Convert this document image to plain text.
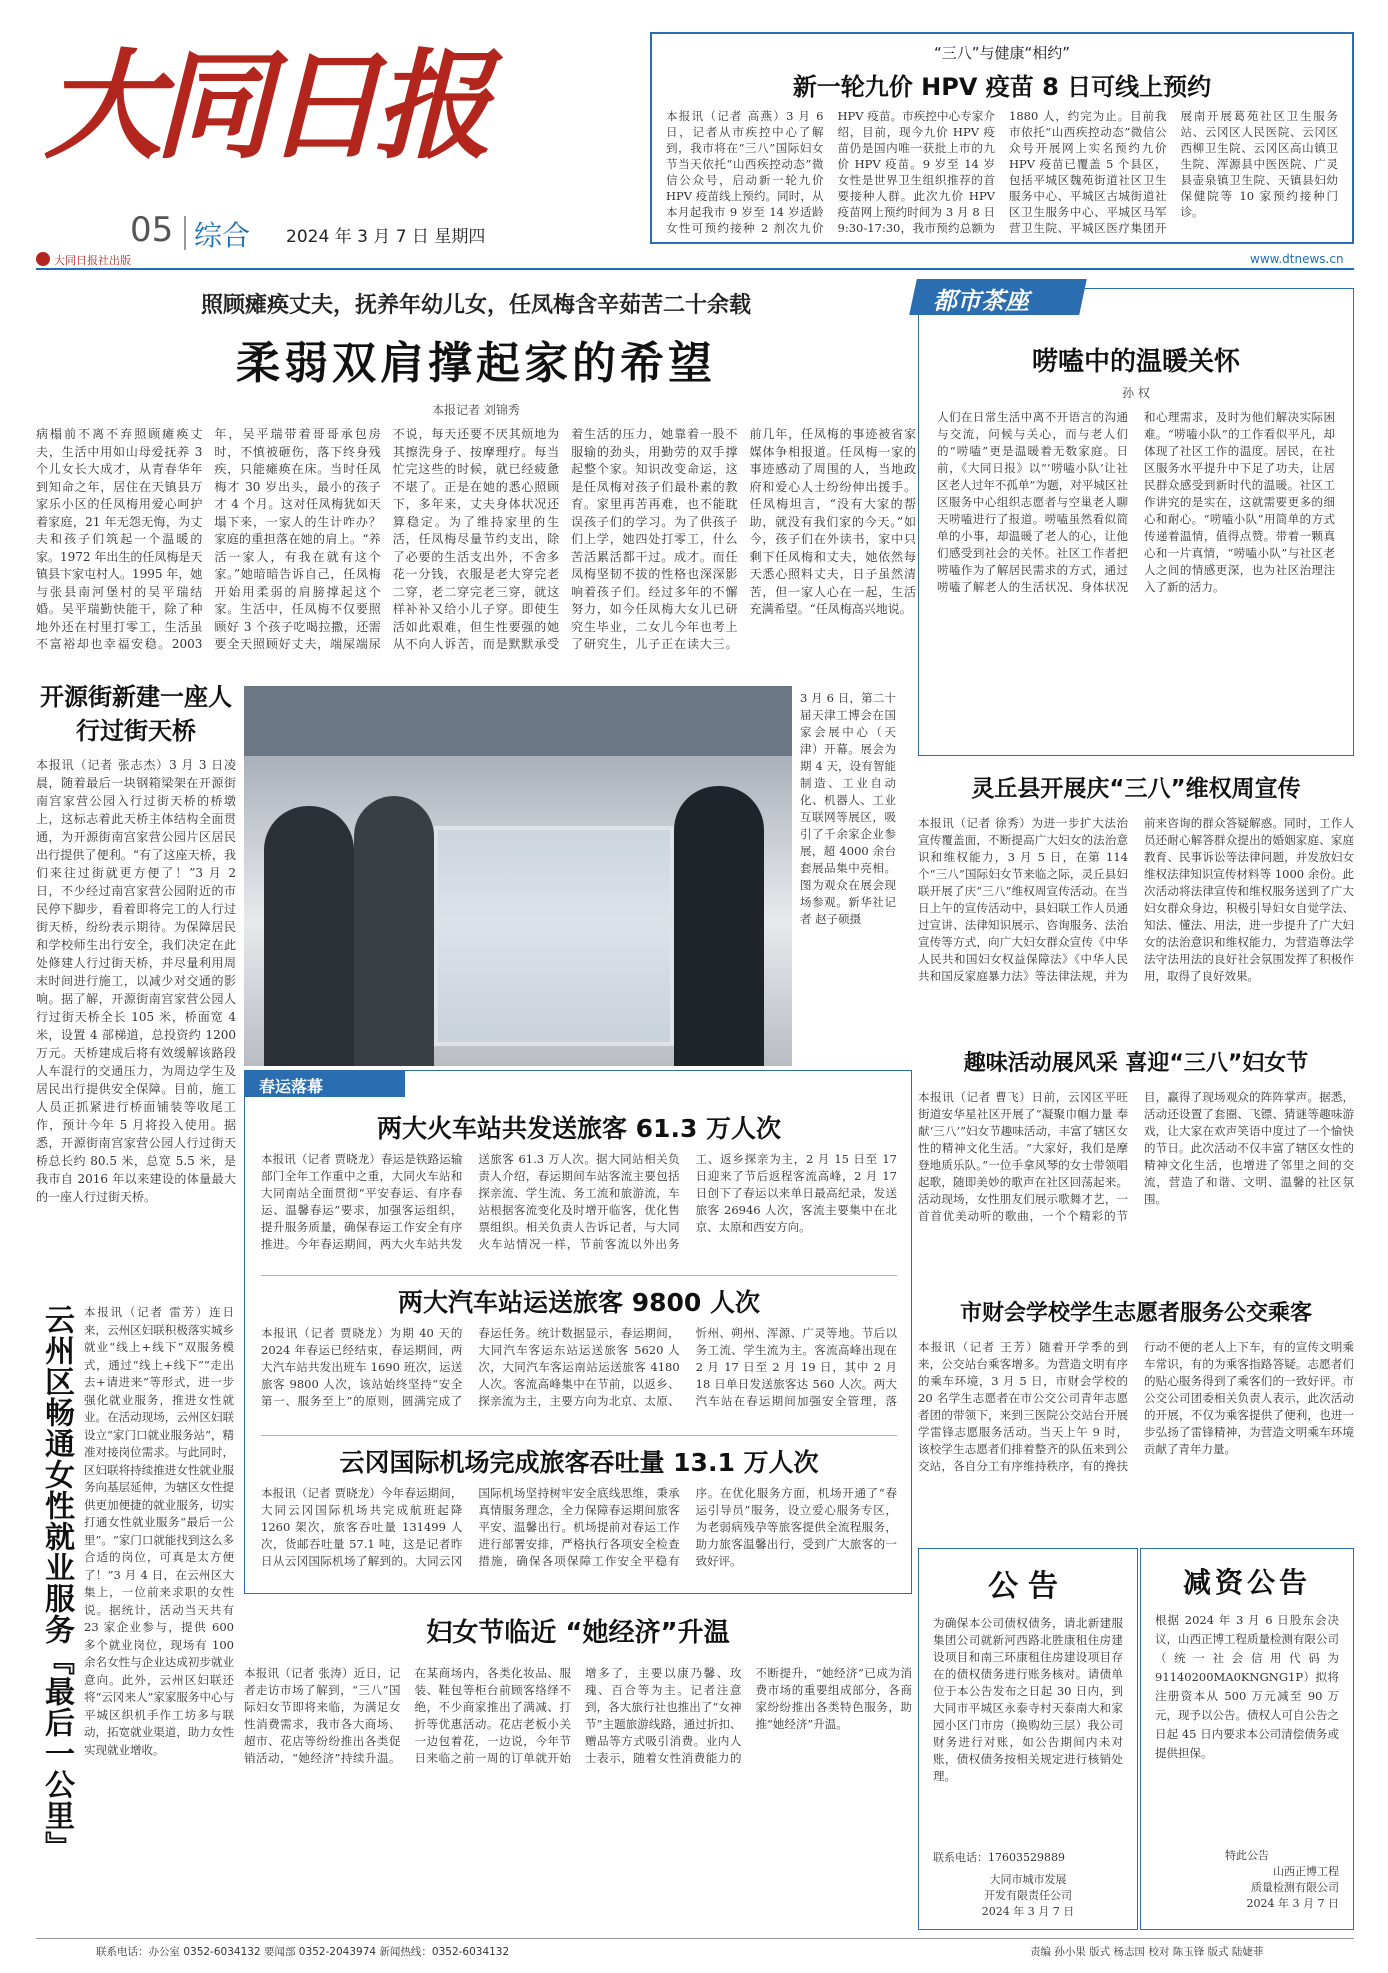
大同日报
05 综合 2024 年 3 月 7 日 星期四
大同日报社出版
“三八”与健康“相约”
新一轮九价 HPV 疫苗 8 日可线上预约
本报讯（记者 高燕）3 月 6 日，记者从市疾控中心了解到，我市将在“三八”国际妇女节当天依托“山西疾控动态”微信公众号，启动新一轮九价 HPV 疫苗线上预约。同时，从本月起我市 9 岁至 14 岁适龄女性可预约接种 2 剂次九价 HPV 疫苗。市疾控中心专家介绍，目前，现今九价 HPV 疫苗仍是国内唯一获批上市的九价 HPV 疫苗。9 岁至 14 岁女性是世界卫生组织推荐的首要接种人群。此次九价 HPV 疫苗网上预约时间为 3 月 8 日 9:30-17:30，我市预约总额为 1880 人，约完为止。目前我市依托“山西疾控动态”微信公众号开展网上实名预约九价 HPV 疫苗已覆盖 5 个县区，包括平城区魏苑街道社区卫生服务中心、平城区古城街道社区卫生服务中心、平城区马军营卫生院、平城区医疗集团开展南开展葛苑社区卫生服务站、云冈区人民医院、云冈区西柳卫生院、云冈区高山镇卫生院、浑源县中医医院、广灵县壶泉镇卫生院、天镇县妇幼保健院等 10 家预约接种门诊。
www.dtnews.cn
照顾瘫痪丈夫，抚养年幼儿女，任凤梅含辛茹苦二十余载
柔弱双肩撑起家的希望
本报记者 刘锦秀
病榻前不离不弃照顾瘫痪丈夫，生活中用如山母爱抚养 3 个儿女长大成才，从青春华年到知命之年，居住在天镇县万家乐小区的任凤梅用爱心呵护着家庭，21 年无怨无悔，为丈夫和孩子们筑起一个温暖的家。1972 年出生的任凤梅是天镇县卞家屯村人。1995 年，她与张县南河堡村的吴平瑞结婚。吴平瑞勤快能干，除了种地外还在村里打零工，生活虽不富裕却也幸福安稳。2003 年，吴平瑞带着哥哥承包房时，不慎被砸伤，落下终身残疾，只能瘫痪在床。当时任凤梅才 30 岁出头，最小的孩子才 4 个月。这对任凤梅犹如天塌下来，一家人的生计咋办？家庭的重担落在她的肩上。“养活一家人，有我在就有这个家。”她暗暗告诉自己，任凤梅开始用柔弱的肩膀撑起这个家。生活中，任凤梅不仅要照顾好 3 个孩子吃喝拉撒，还需要全天照顾好丈夫，端屎端尿不说，每天还要不厌其烦地为其擦洗身子、按摩理疗。每当忙完这些的时候，就已经疲惫不堪了。正是在她的悉心照顾下，多年来，丈夫身体状况还算稳定。为了维持家里的生活，任凤梅尽量节约支出，除了必要的生活支出外，不舍多花一分钱，衣服是老大穿完老二穿，老二穿完老三穿，就这样补补又给小儿子穿。即使生活如此艰难，但生性要强的她从不向人诉苦，而是默默承受着生活的压力，她靠着一股不服输的劲头，用勤劳的双手撑起整个家。知识改变命运，这是任凤梅对孩子们最朴素的教育。家里再苦再难，也不能耽误孩子们的学习。为了供孩子们上学，她四处打零工，什么苦活累活都干过。成才。而任凤梅坚韧不拔的性格也深深影响着孩子们。经过多年的不懈努力，如今任凤梅大女儿已研究生毕业，二女儿今年也考上了研究生，儿子正在读大三。前几年，任凤梅的事迹被省家媒体争相报道。任凤梅一家的事迹感动了周围的人，当地政府和爱心人士纷纷伸出援手。任凤梅坦言，“没有大家的帮助，就没有我们家的今天。”如今，孩子们在外读书，家中只剩下任凤梅和丈夫，她依然每天悉心照料丈夫，日子虽然清苦，但一家人心在一起，生活充满希望。“任凤梅高兴地说。
都市茶座
唠嗑中的温暖关怀
孙 权
人们在日常生活中离不开语言的沟通与交流，问候与关心，而与老人们的“唠嗑”更是温暖着无数家庭。日前，《大同日报》以“‘唠嗑小队’让社区老人过年不孤单”为题，对平城区社区服务中心组织志愿者与空巢老人聊天唠嗑进行了报道。唠嗑虽然看似简单的小事，却温暖了老人的心，让他们感受到社会的关怀。社区工作者把唠嗑作为了解居民需求的方式，通过唠嗑了解老人的生活状况、身体状况和心理需求，及时为他们解决实际困难。“唠嗑小队”的工作看似平凡，却体现了社区工作的温度。居民，在社区服务水平提升中下足了功夫，让居民群众感受到新时代的温暖。社区工作讲究的是实在，这就需要更多的细心和耐心。“唠嗑小队”用简单的方式传递着温情，值得点赞。带着一颗真心和一片真情，“唠嗑小队”与社区老人之间的情感更深，也为社区治理注入了新的活力。
开源街新建一座人行过街天桥
本报讯（记者 张志杰）3 月 3 日凌晨，随着最后一块钢箱梁架在开源街南宫家营公园入行过街天桥的桥墩上，这标志着此天桥主体结构全面贯通，为开源街南宫家营公园片区居民出行提供了便利。“有了这座天桥，我们来往过街就更方便了！”3 月 2 日，不少经过南宫家营公园附近的市民停下脚步，看着即将完工的人行过街天桥，纷纷表示期待。为保障居民和学校师生出行安全，我们决定在此处修建人行过街天桥，并尽量利用周末时间进行施工，以减少对交通的影响。据了解，开源街南宫家营公园人行过街天桥全长 105 米，桥面宽 4 米，设置 4 部梯道，总投资约 1200 万元。天桥建成后将有效缓解该路段人车混行的交通压力，为周边学生及居民出行提供安全保障。目前，施工人员正抓紧进行桥面铺装等收尾工作，预计今年 5 月将投入使用。据悉，开源街南宫家营公园人行过街天桥总长约 80.5 米，总宽 5.5 米，是我市自 2016 年以来建设的体量最大的一座人行过街天桥。
3 月 6 日，第二十届天津工博会在国家会展中心（天津）开幕。展会为期 4 天，设有智能制造、工业自动化、机器人、工业互联网等展区，吸引了千余家企业参展，超 4000 余台套展品集中亮相。图为观众在展会现场参观。新华社记者 赵子硕摄
灵丘县开展庆“三八”维权周宣传
本报讯（记者 徐秀）为进一步扩大法治宣传覆盖面，不断提高广大妇女的法治意识和维权能力，3 月 5 日，在第 114 个“三八”国际妇女节来临之际，灵丘县妇联开展了庆“三八”维权周宣传活动。在当日上午的宣传活动中，县妇联工作人员通过宣讲、法律知识展示、咨询服务、法治宣传等方式，向广大妇女群众宣传《中华人民共和国妇女权益保障法》《中华人民共和国反家庭暴力法》等法律法规，并为前来咨询的群众答疑解惑。同时，工作人员还耐心解答群众提出的婚姻家庭、家庭教育、民事诉讼等法律问题，并发放妇女维权法律知识宣传材料等 1000 余份。此次活动将法律宣传和维权服务送到了广大妇女群众身边，积极引导妇女自觉学法、知法、懂法、用法，进一步提升了广大妇女的法治意识和维权能力，为营造尊法学法守法用法的良好社会氛围发挥了积极作用，取得了良好效果。
趣味活动展风采 喜迎“三八”妇女节
本报讯（记者 曹飞）日前，云冈区平旺街道安华星社区开展了“凝聚巾帼力量 奉献‘三八’”妇女节趣味活动，丰富了辖区女性的精神文化生活。“大家好，我们是摩登地质乐队。”一位手拿风琴的女士带领唱起歌，随即美妙的歌声在社区回荡起来。活动现场，女性朋友们展示歌舞才艺，一首首优美动听的歌曲，一个个精彩的节目，赢得了现场观众的阵阵掌声。据悉，活动还设置了套圈、飞镖、猜谜等趣味游戏，让大家在欢声笑语中度过了一个愉快的节日。此次活动不仅丰富了辖区女性的精神文化生活，也增进了邻里之间的交流，营造了和谐、文明、温馨的社区氛围。
春运落幕
两大火车站共发送旅客 61.3 万人次
本报讯（记者 贾晓龙）春运是铁路运输部门全年工作重中之重，大同火车站和大同南站全面贯彻“平安春运、有序春运、温馨春运”要求，加强客运组织，提升服务质量，确保春运工作安全有序推进。今年春运期间，两大火车站共发送旅客 61.3 万人次。据大同站相关负责人介绍，春运期间车站客流主要包括探亲流、学生流、务工流和旅游流，车站根据客流变化及时增开临客，优化售票组织。相关负责人告诉记者，与大同火车站情况一样，节前客流以外出务工、返乡探亲为主，2 月 15 日至 17 日迎来了节后返程客流高峰，2 月 17 日创下了春运以来单日最高纪录，发送旅客 26946 人次，客流主要集中在北京、太原和西安方向。
两大汽车站运送旅客 9800 人次
本报讯（记者 贾晓龙）为期 40 天的 2024 年春运已经结束，春运期间，两大汽车站共发出班车 1690 班次，运送旅客 9800 人次，该站始终坚持“安全第一、服务至上”的原则，圆满完成了春运任务。统计数据显示，春运期间，大同汽车客运东站运送旅客 5620 人次，大同汽车客运南站运送旅客 4180 人次。客流高峰集中在节前，以返乡、探亲流为主，主要方向为北京、太原、忻州、朔州、浑源、广灵等地。节后以务工流、学生流为主。客流高峰出现在 2 月 17 日至 2 月 19 日，其中 2 月 18 日单日发送旅客达 560 人次。两大汽车站在春运期间加强安全管理，落
云冈国际机场完成旅客吞吐量 13.1 万人次
本报讯（记者 贾晓龙）今年春运期间，大同云冈国际机场共完成航班起降 1260 架次，旅客吞吐量 131499 人次，货邮吞吐量 57.1 吨，这是记者昨日从云冈国际机场了解到的。大同云冈国际机场坚持树牢安全底线思维，秉承真情服务理念，全力保障春运期间旅客平安、温馨出行。机场提前对春运工作进行部署安排，严格执行各项安全检查措施，确保各项保障工作安全平稳有序。在优化服务方面，机场开通了“春运引导员”服务，设立爱心服务专区，为老弱病残孕等旅客提供全流程服务，助力旅客温馨出行，受到广大旅客的一致好评。
云州区畅通女性就业服务『最后一公里』 本报讯（记者 雷芳）连日来，云州区妇联积极落实城乡就业“线上+线下”双服务模式，通过“线上+线下”“走出去+请进来”等形式，进一步强化就业服务，推进女性就业。在活动现场，云州区妇联设立“家门口就业服务站”，精准对接岗位需求。与此同时，区妇联将持续推进女性就业服务向基层延伸，为辖区女性提供更加便捷的就业服务，切实打通女性就业服务“最后一公里”。“家门口就能找到这么多合适的岗位，可真是太方便了！”3 月 4 日，在云州区大集上，一位前来求职的女性说。据统计，活动当天共有 23 家企业参与，提供 600 多个就业岗位，现场有 100 余名女性与企业达成初步就业意向。此外，云州区妇联还将“云冈来人”家家服务中心与平城区织机手作工坊多与联动，拓宽就业渠道，助力女性实现就业增收。
市财会学校学生志愿者服务公交乘客
本报讯（记者 王芳）随着开学季的到来，公交站台乘客增多。为营造文明有序的乘车环境，3 月 5 日，市财会学校的 20 名学生志愿者在市公交公司青年志愿者团的带领下，来到三医院公交站台开展学雷锋志愿服务活动。当天上午 9 时，该校学生志愿者们排着整齐的队伍来到公交站，各自分工有序维持秩序，有的搀扶行动不便的老人上下车，有的宣传文明乘车常识，有的为乘客指路答疑。志愿者们的贴心服务得到了乘客们的一致好评。市公交公司团委相关负责人表示，此次活动的开展，不仅为乘客提供了便利，也进一步弘扬了雷锋精神，为营造文明乘车环境贡献了青年力量。
妇女节临近 “她经济”升温
本报讯（记者 张涛）近日，记者走访市场了解到，“三八”国际妇女节即将来临，为满足女性消费需求，我市各大商场、超市、花店等纷纷推出各类促销活动，“她经济”持续升温。在某商场内，各类化妆品、服装、鞋包等柜台前顾客络绎不绝，不少商家推出了满减、打折等优惠活动。花店老板小关一边包着花，一边说，今年节日来临之前一周的订单就开始增多了，主要以康乃馨、玫瑰、百合等为主。记者注意到，各大旅行社也推出了“女神节”主题旅游线路，通过折扣、赠品等方式吸引消费。业内人士表示，随着女性消费能力的不断提升，“她经济”已成为消费市场的重要组成部分，各商家纷纷推出各类特色服务，助推“她经济”升温。
公告
为确保本公司债权债务，请北新建服集团公司就新河西路北胜康租住房建设项目和南三环康租住房建设项目存在的债权债务进行账务核对。请债单位于本公告发布之日起 30 日内，到大同市平城区永泰寺村天泰南大和家园小区门市房（换购幼三层）我公司财务进行对账，如公告期间内未对账，债权债务按相关规定进行核销处理。
联系电话：17603529889
大同市城市发展
开发有限责任公司
2024 年 3 月 7 日
减资公告
根据 2024 年 3 月 6 日股东会决议，山西正博工程质量检测有限公司（统一社会信用代码为 91140200MA0KNGNG1P）拟将注册资本从 500 万元减至 90 万元，现予以公告。债权人可自公告之日起 45 日内要求本公司清偿债务或提供担保。
特此公告
山西正博工程
质量检测有限公司
2024 年 3 月 7 日
联系电话：办公室 0352-6034132 要闻部 0352-2043974 新闻热线：0352-6034132	责编 孙小果 版式 杨志国 校对 陈玉锋 版式 陆婕菲
